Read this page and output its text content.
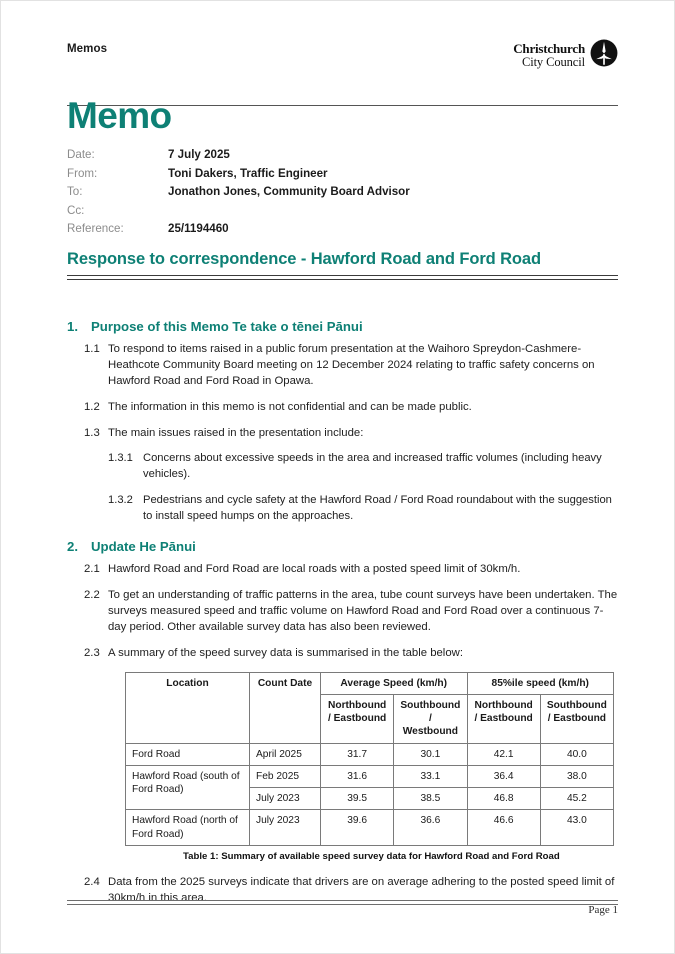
Memos	Christchurch
City Council
Memo
Date:	7 July 2025
From:	Toni Dakers, Traffic Engineer
To:	Jonathon Jones, Community Board Advisor
Cc:
Reference:	25/1194460
Response to correspondence - Hawford Road and Ford Road
1. Purpose of this Memo Te take o tēnei Pānui
1.1 To respond to items raised in a public forum presentation at the Waihoro Spreydon-Cashmere-Heathcote Community Board meeting on 12 December 2024 relating to traffic safety concerns on Hawford Road and Ford Road in Opawa.
1.2 The information in this memo is not confidential and can be made public.
1.3 The main issues raised in the presentation include:
1.3.1 Concerns about excessive speeds in the area and increased traffic volumes (including heavy vehicles).
1.3.2 Pedestrians and cycle safety at the Hawford Road / Ford Road roundabout with the suggestion to install speed humps on the approaches.
2. Update He Pānui
2.1 Hawford Road and Ford Road are local roads with a posted speed limit of 30km/h.
2.2 To get an understanding of traffic patterns in the area, tube count surveys have been undertaken. The surveys measured speed and traffic volume on Hawford Road and Ford Road over a continuous 7-day period. Other available survey data has also been reviewed.
2.3 A summary of the speed survey data is summarised in the table below:
Location	Count Date	Average Speed (km/h)		85%ile speed (km/h)	
		Northbound / Eastbound	Southbound / Westbound	Northbound / Eastbound	Southbound / Eastbound
Ford Road	April 2025	31.7	30.1	42.1	40.0
Hawford Road (south of Ford Road)	Feb 2025	31.6	33.1	36.4	38.0
	July 2023	39.5	38.5	46.8	45.2
Hawford Road (north of Ford Road)	July 2023	39.6	36.6	46.6	43.0
Table 1: Summary of available speed survey data for Hawford Road and Ford Road
2.4 Data from the 2025 surveys indicate that drivers are on average adhering to the posted speed limit of 30km/h in this area.
Page 1
